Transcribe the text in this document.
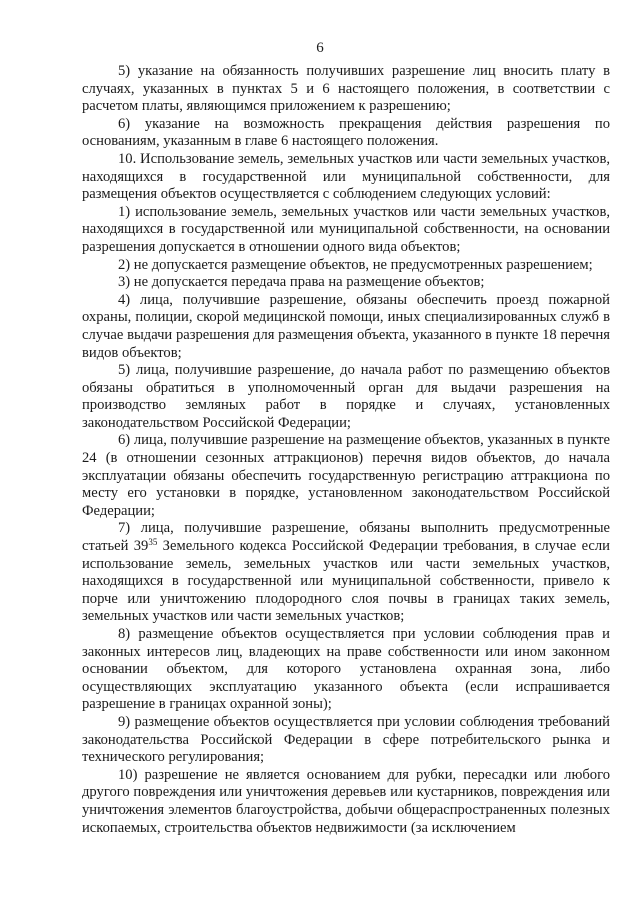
6

5) указание на обязанность получивших разрешение лиц вносить плату в случаях, указанных в пунктах 5 и 6 настоящего положения, в соответствии с расчетом платы, являющимся приложением к разрешению;

6) указание на возможность прекращения действия разрешения по основаниям, указанным в главе 6 настоящего положения.

10. Использование земель, земельных участков или части земельных участков, находящихся в государственной или муниципальной собственности, для размещения объектов осуществляется с соблюдением следующих условий:

1) использование земель, земельных участков или части земельных участков, находящихся в государственной или муниципальной собственности, на основании разрешения допускается в отношении одного вида объектов;

2) не допускается размещение объектов, не предусмотренных разрешением;

3) не допускается передача права на размещение объектов;

4) лица, получившие разрешение, обязаны обеспечить проезд пожарной охраны, полиции, скорой медицинской помощи, иных специализированных служб в случае выдачи разрешения для размещения объекта, указанного в пункте 18 перечня видов объектов;

5) лица, получившие разрешение, до начала работ по размещению объектов обязаны обратиться в уполномоченный орган для выдачи разрешения на производство земляных работ в порядке и случаях, установленных законодательством Российской Федерации;

6) лица, получившие разрешение на размещение объектов, указанных в пункте 24 (в отношении сезонных аттракционов) перечня видов объектов, до начала эксплуатации обязаны обеспечить государственную регистрацию аттракциона по месту его установки в порядке, установленном законодательством Российской Федерации;

7) лица, получившие разрешение, обязаны выполнить предусмотренные статьей $39^{35}$ Земельного кодекса Российской Федерации требования, в случае если использование земель, земельных участков или части земельных участков, находящихся в государственной или муниципальной собственности, привело к порче или уничтожению плодородного слоя почвы в границах таких земель, земельных участков или части земельных участков;

8) размещение объектов осуществляется при условии соблюдения прав и законных интересов лиц, владеющих на праве собственности или ином законном основании объектом, для которого установлена охранная зона, либо осуществляющих эксплуатацию указанного объекта (если испрашивается разрешение в границах охранной зоны);

9) размещение объектов осуществляется при условии соблюдения требований законодательства Российской Федерации в сфере потребительского рынка и технического регулирования;

10) разрешение не является основанием для рубки, пересадки или любого другого повреждения или уничтожения деревьев или кустарников, повреждения или уничтожения элементов благоустройства, добычи общераспространенных полезных ископаемых, строительства объектов недвижимости (за исключением
